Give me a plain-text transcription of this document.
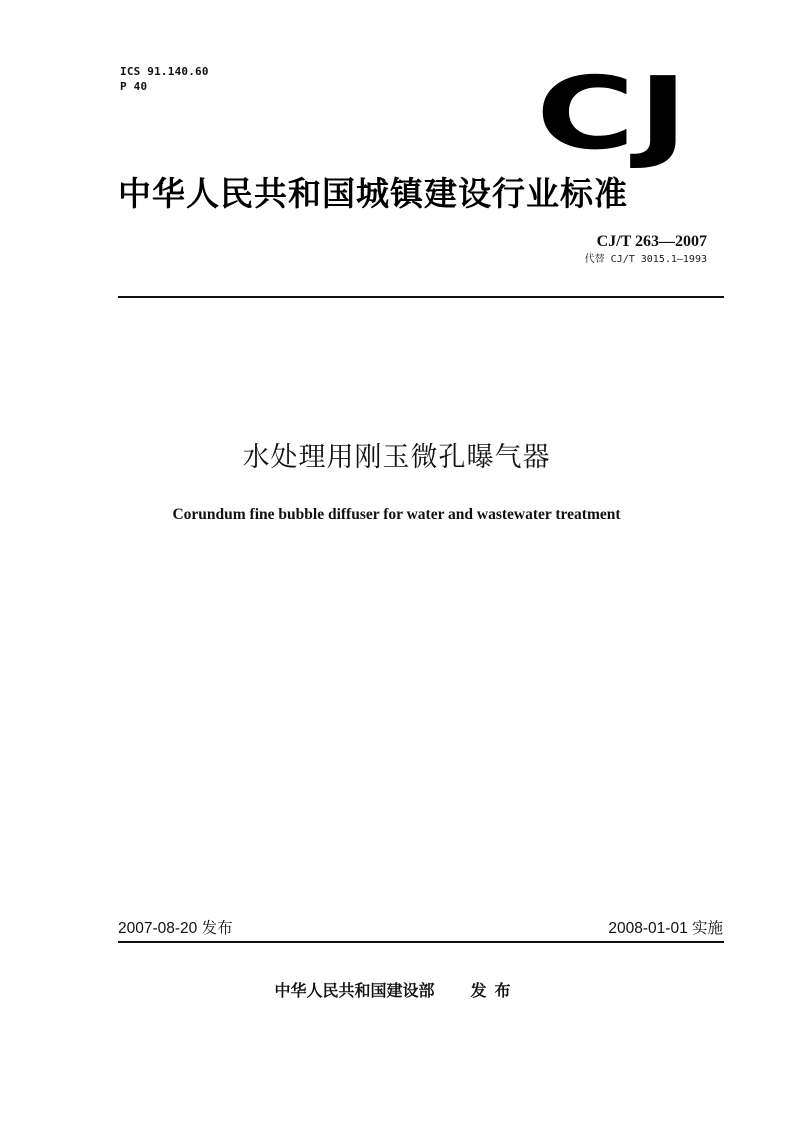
ICS 91.140.60
P 40	CJ
中华人民共和国城镇建设行业标准
CJ/T 263—2007
代替 CJ/T 3015.1—1993
水处理用刚玉微孔曝气器
Corundum fine bubble diffuser for water and wastewater treatment
2007-08-20 发布	2008-01-01 实施
中华人民共和国建设部 发布
